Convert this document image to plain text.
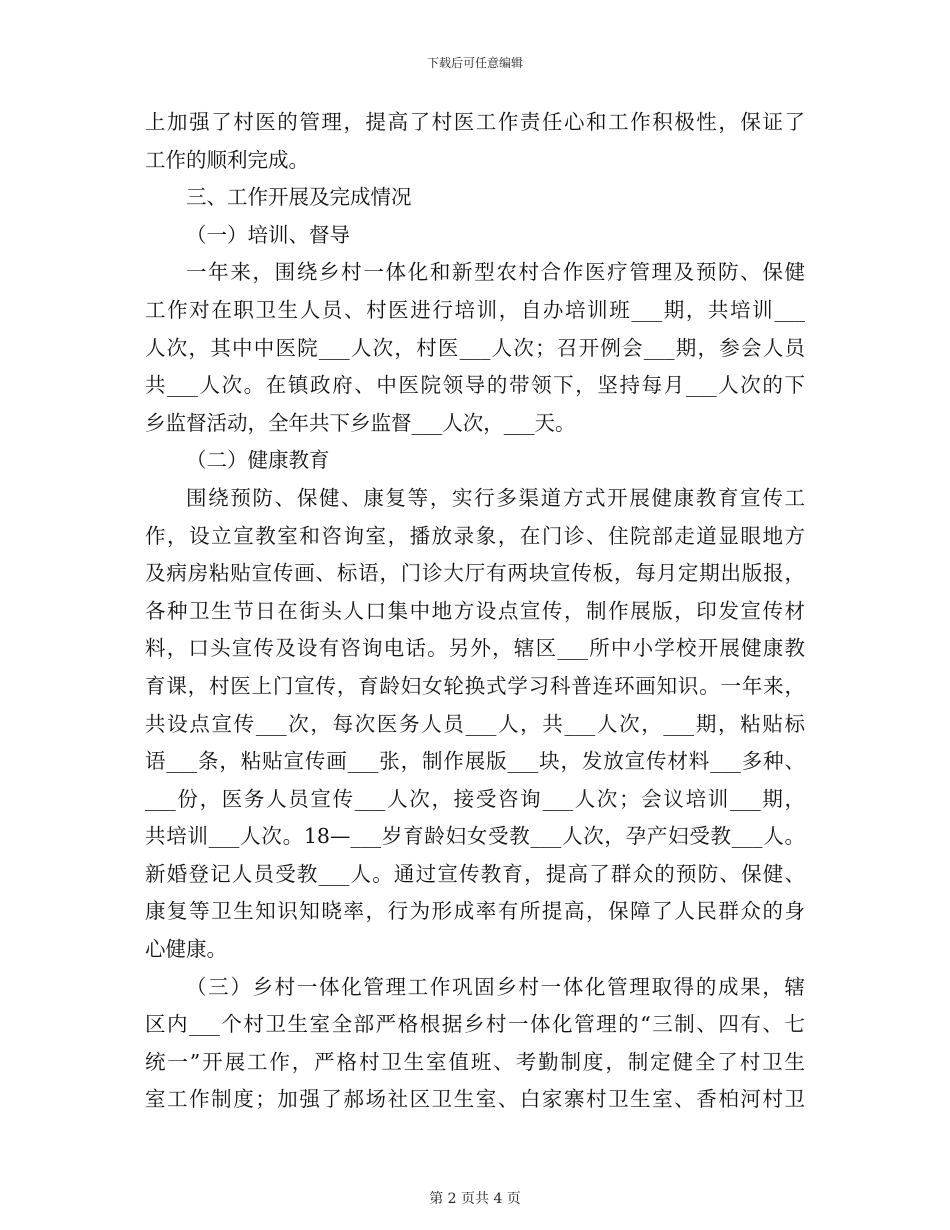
下载后可任意编辑
上加强了村医的管理，提高了村医工作责任心和工作积极性，保证了
工作的顺利完成。
三、工作开展及完成情况
（一）培训、督导
一年来，围绕乡村一体化和新型农村合作医疗管理及预防、保健
工作对在职卫生人员、村医进行培训，自办培训班___期，共培训___
人次，其中中医院___人次，村医___人次；召开例会___期，参会人员
共___人次。在镇政府、中医院领导的带领下，坚持每月___人次的下
乡监督活动，全年共下乡监督___人次，___天。
（二）健康教育
围绕预防、保健、康复等，实行多渠道方式开展健康教育宣传工
作，设立宣教室和咨询室，播放录象，在门诊、住院部走道显眼地方
及病房粘贴宣传画、标语，门诊大厅有两块宣传板，每月定期出版报，
各种卫生节日在街头人口集中地方设点宣传，制作展版，印发宣传材
料，口头宣传及设有咨询电话。另外，辖区___所中小学校开展健康教
育课，村医上门宣传，育龄妇女轮换式学习科普连环画知识。一年来，
共设点宣传___次，每次医务人员___人，共___人次，___期，粘贴标
语___条，粘贴宣传画___张，制作展版___块，发放宣传材料___多种、
___份，医务人员宣传___人次，接受咨询___人次；会议培训___期，
共培训___人次。18—___岁育龄妇女受教___人次，孕产妇受教___人。
新婚登记人员受教___人。通过宣传教育，提高了群众的预防、保健、
康复等卫生知识知晓率，行为形成率有所提高，保障了人民群众的身
心健康。
（三）乡村一体化管理工作巩固乡村一体化管理取得的成果，辖
区内___个村卫生室全部严格根据乡村一体化管理的“三制、四有、七
统一”开展工作，严格村卫生室值班、考勤制度，制定健全了村卫生
室工作制度；加强了郝场社区卫生室、白家寨村卫生室、香柏河村卫
第 2 页共 4 页
